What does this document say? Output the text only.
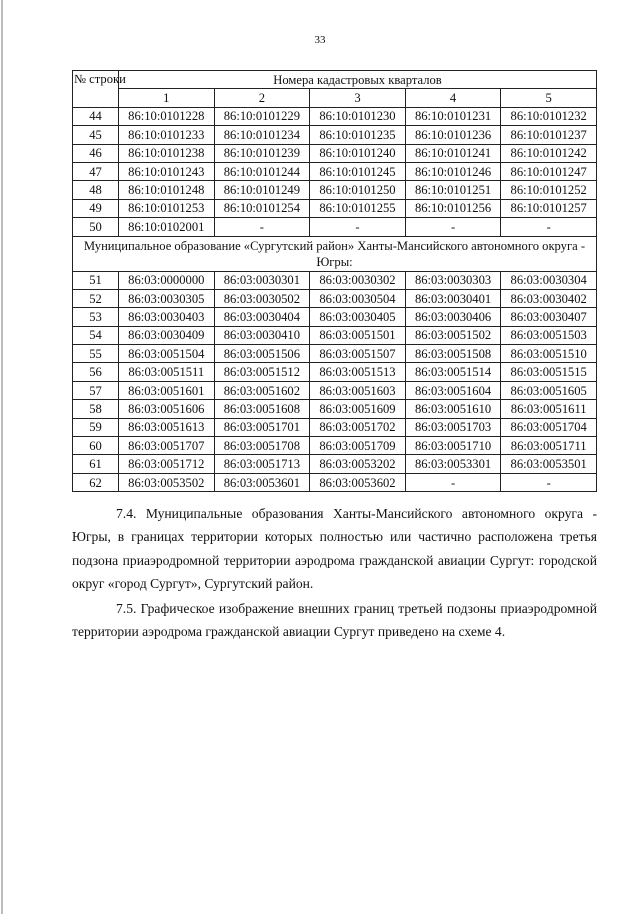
33
№ строки	Номера кадастровых кварталов				
	1	2	3	4	5
44	86:10:0101228	86:10:0101229	86:10:0101230	86:10:0101231	86:10:0101232
45	86:10:0101233	86:10:0101234	86:10:0101235	86:10:0101236	86:10:0101237
46	86:10:0101238	86:10:0101239	86:10:0101240	86:10:0101241	86:10:0101242
47	86:10:0101243	86:10:0101244	86:10:0101245	86:10:0101246	86:10:0101247
48	86:10:0101248	86:10:0101249	86:10:0101250	86:10:0101251	86:10:0101252
49	86:10:0101253	86:10:0101254	86:10:0101255	86:10:0101256	86:10:0101257
50	86:10:0102001	-	-	-	-
Муниципальное образование «Сургутский район» Ханты-Мансийского автономного округа - Югры:					
51	86:03:0000000	86:03:0030301	86:03:0030302	86:03:0030303	86:03:0030304
52	86:03:0030305	86:03:0030502	86:03:0030504	86:03:0030401	86:03:0030402
53	86:03:0030403	86:03:0030404	86:03:0030405	86:03:0030406	86:03:0030407
54	86:03:0030409	86:03:0030410	86:03:0051501	86:03:0051502	86:03:0051503
55	86:03:0051504	86:03:0051506	86:03:0051507	86:03:0051508	86:03:0051510
56	86:03:0051511	86:03:0051512	86:03:0051513	86:03:0051514	86:03:0051515
57	86:03:0051601	86:03:0051602	86:03:0051603	86:03:0051604	86:03:0051605
58	86:03:0051606	86:03:0051608	86:03:0051609	86:03:0051610	86:03:0051611
59	86:03:0051613	86:03:0051701	86:03:0051702	86:03:0051703	86:03:0051704
60	86:03:0051707	86:03:0051708	86:03:0051709	86:03:0051710	86:03:0051711
61	86:03:0051712	86:03:0051713	86:03:0053202	86:03:0053301	86:03:0053501
62	86:03:0053502	86:03:0053601	86:03:0053602	-	-

7.4. Муниципальные образования Ханты-Мансийского автономного округа - Югры, в границах территории которых полностью или частично расположена третья подзона приаэродромной территории аэродрома гражданской авиации Сургут: городской округ «город Сургут», Сургутский район.

7.5. Графическое изображение внешних границ третьей подзоны приаэродромной территории аэродрома гражданской авиации Сургут приведено на схеме 4.
